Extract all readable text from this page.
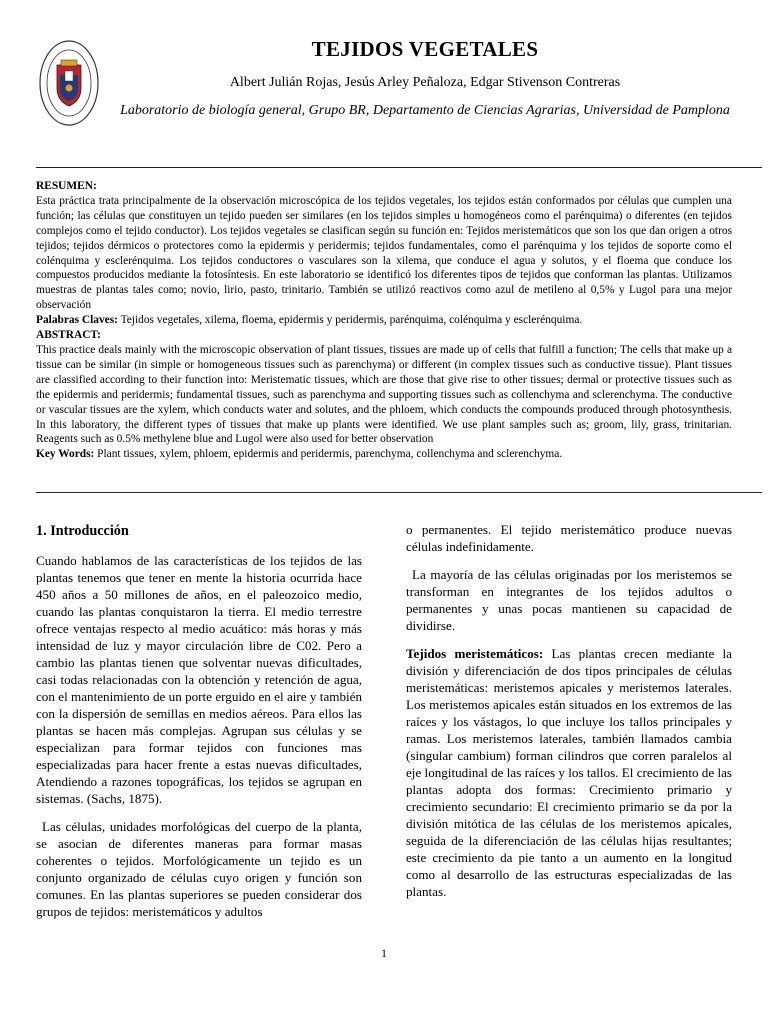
TEJIDOS VEGETALES
Albert Julián Rojas, Jesús Arley Peñaloza, Edgar Stivenson Contreras
Laboratorio de biología general, Grupo BR, Departamento de Ciencias Agrarias, Universidad de Pamplona

RESUMEN:

Esta práctica trata principalmente de la observación microscópica de los tejidos vegetales, los tejidos están conformados por células que cumplen una función; las células que constituyen un tejido pueden ser similares (en los tejidos simples u homogéneos como el parénquima) o diferentes (en tejidos complejos como el tejido conductor). Los tejidos vegetales se clasifican según su función en: Tejidos meristemáticos que son los que dan origen a otros tejidos; tejidos dérmicos o protectores como la epidermis y peridermis; tejidos fundamentales, como el parénquima y los tejidos de soporte como el colénquima y esclerénquima. Los tejidos conductores o vasculares son la xilema, que conduce el agua y solutos, y el floema que conduce los compuestos producidos mediante la fotosíntesis. En este laboratorio se identificó los diferentes tipos de tejidos que conforman las plantas. Utilizamos muestras de plantas tales como; novio, lirio, pasto, trinitario. También se utilizó reactivos como azul de metileno al 0,5% y Lugol para una mejor observación

Palabras Claves: Tejidos vegetales, xilema, floema, epidermis y peridermis, parénquima, colénquima y esclerénquima.

ABSTRACT:

This practice deals mainly with the microscopic observation of plant tissues, tissues are made up of cells that fulfill a function; The cells that make up a tissue can be similar (in simple or homogeneous tissues such as parenchyma) or different (in complex tissues such as conductive tissue). Plant tissues are classified according to their function into: Meristematic tissues, which are those that give rise to other tissues; dermal or protective tissues such as the epidermis and peridermis; fundamental tissues, such as parenchyma and supporting tissues such as collenchyma and sclerenchyma. The conductive or vascular tissues are the xylem, which conducts water and solutes, and the phloem, which conducts the compounds produced through photosynthesis. In this laboratory, the different types of tissues that make up plants were identified. We use plant samples such as; groom, lily, grass, trinitarian. Reagents such as 0.5% methylene blue and Lugol were also used for better observation

Key Words: Plant tissues, xylem, phloem, epidermis and peridermis, parenchyma, collenchyma and sclerenchyma.

1. Introducción

Cuando hablamos de las características de los tejidos de las plantas tenemos que tener en mente la historia ocurrida hace 450 años a 50 millones de años, en el paleozoico medio, cuando las plantas conquistaron la tierra. El medio terrestre ofrece ventajas respecto al medio acuático: más horas y más intensidad de luz y mayor circulación libre de C02. Pero a cambio las plantas tienen que solventar nuevas dificultades, casi todas relacionadas con la obtención y retención de agua, con el mantenimiento de un porte erguido en el aire y también con la dispersión de semillas en medios aéreos. Para ellos las plantas se hacen más complejas. Agrupan sus células y se especializan para formar tejidos con funciones mas especializadas para hacer frente a estas nuevas dificultades, Atendiendo a razones topográficas, los tejidos se agrupan en sistemas. (Sachs, 1875).

Las células, unidades morfológicas del cuerpo de la planta, se asocian de diferentes maneras para formar masas coherentes o tejidos. Morfológicamente un tejido es un conjunto organizado de células cuyo origen y función son comunes. En las plantas superiores se pueden considerar dos grupos de tejidos: meristemáticos y adultos

o permanentes. El tejido meristemático produce nuevas células indefinidamente.

La mayoría de las células originadas por los meristemos se transforman en integrantes de los tejidos adultos o permanentes y unas pocas mantienen su capacidad de dividirse.

Tejidos meristemáticos: Las plantas crecen mediante la división y diferenciación de dos tipos principales de células meristemáticas: meristemos apicales y meristemos laterales. Los meristemos apicales están situados en los extremos de las raíces y los vástagos, lo que incluye los tallos principales y ramas. Los meristemos laterales, también llamados cambia (singular cambium) forman cilindros que corren paralelos al eje longitudinal de las raíces y los tallos. El crecimiento de las plantas adopta dos formas: Crecimiento primario y crecimiento secundario: El crecimiento primario se da por la división mitótica de las células de los meristemos apicales, seguida de la diferenciación de las células hijas resultantes; este crecimiento da pie tanto a un aumento en la longitud como al desarrollo de las estructuras especializadas de las plantas.

1
